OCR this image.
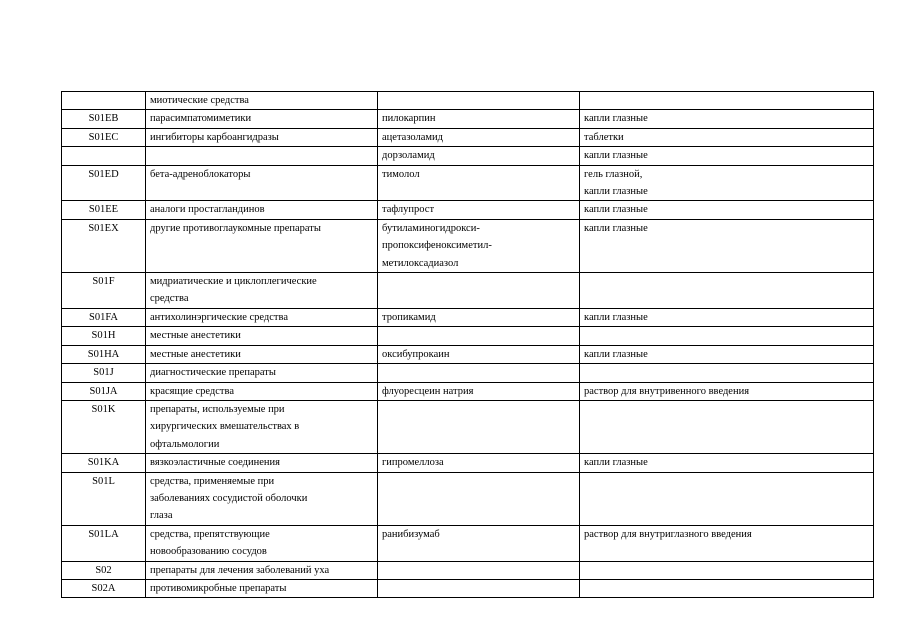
	миотические средства		

S01EB	парасимпатомиметики	пилокарпин	капли глазные

S01EC	ингибиторы карбоангидразы	ацетазоламид	таблетки

		дорзоламид	капли глазные

S01ED	бета-адреноблокаторы	тимолол	гель глазной,
капли глазные

S01EE	аналоги простагландинов	тафлупрост	капли глазные

S01EX	другие противоглаукомные препараты	бутиламиногидрокси-
пропоксифеноксиметил-
метилоксадиазол	капли глазные

S01F	мидриатические и циклоплегические
средства		

S01FA	антихолинэргические средства	тропикамид	капли глазные

S01H	местные анестетики		

S01HA	местные анестетики	оксибупрокаин	капли глазные

S01J	диагностические препараты		

S01JA	красящие средства	флуоресцеин натрия	раствор для внутривенного введения

S01K	препараты, используемые при
хирургических вмешательствах в
офтальмологии		

S01KA	вязкоэластичные соединения	гипромеллоза	капли глазные

S01L	средства, применяемые при
заболеваниях сосудистой оболочки
глаза		

S01LA	средства, препятствующие
новообразованию сосудов	ранибизумаб	раствор для внутриглазного введения

S02	препараты для лечения заболеваний уха		

S02A	противомикробные препараты		
